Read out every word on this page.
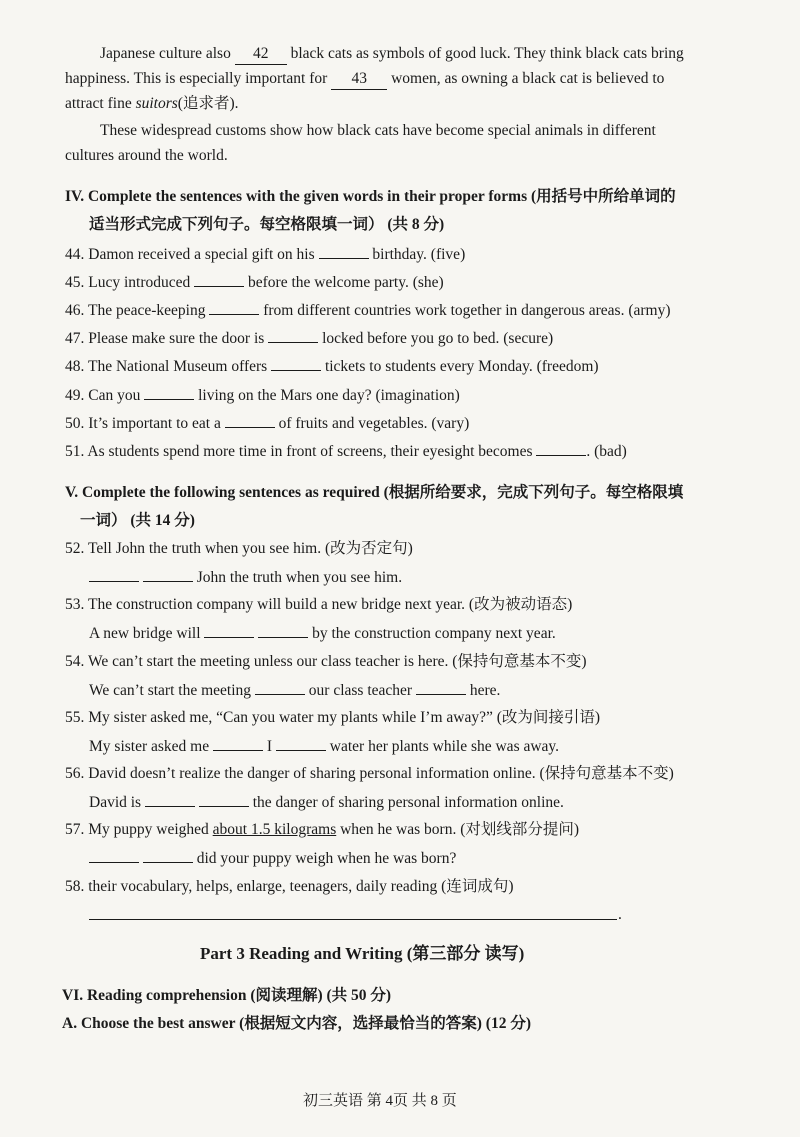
Japanese culture also 42 black cats as symbols of good luck. They think black cats bring
happiness. This is especially important for 43 women, as owning a black cat is believed to
attract fine suitors(追求者).
These widespread customs show how black cats have become special animals in different
cultures around the world.
IV. Complete the sentences with the given words in their proper forms (用括号中所给单词的
适当形式完成下列句子。每空格限填一词） (共 8 分)
44. Damon received a special gift on his	birthday. (five)
45. Lucy introduced	before the welcome party. (she)
46. The peace-keeping	from different countries work together in dangerous areas. (army)
47. Please make sure the door is	locked before you go to bed. (secure)
48. The National Museum offers	tickets to students every Monday. (freedom)
49. Can you	living on the Mars one day? (imagination)
50. It’s important to eat a	of fruits and vegetables. (vary)
51. As students spend more time in front of screens, their eyesight becomes	. (bad)
V. Complete the following sentences as required (根据所给要求，完成下列句子。每空格限填
一词） (共 14 分)
52. Tell John the truth when you see him. (改为否定句)
John the truth when you see him.
53. The construction company will build a new bridge next year. (改为被动语态)
A new bridge will	by the construction company next year.
54. We can’t start the meeting unless our class teacher is here. (保持句意基本不变)
We can’t start the meeting	our class teacher	here.
55. My sister asked me, “Can you water my plants while I’m away?” (改为间接引语)
My sister asked me	I	water her plants while she was away.
56. David doesn’t realize the danger of sharing personal information online. (保持句意基本不变)
David is	the danger of sharing personal information online.
57. My puppy weighed about 1.5 kilograms when he was born. (对划线部分提问)
did your puppy weigh when he was born?
58. their vocabulary, helps, enlarge, teenagers, daily reading (连词成句)
.
Part 3 Reading and Writing (第三部分 读写)
VI. Reading comprehension (阅读理解) (共 50 分)
A. Choose the best answer (根据短文内容，选择最恰当的答案) (12 分)
初三英语 第 4页 共 8 页
